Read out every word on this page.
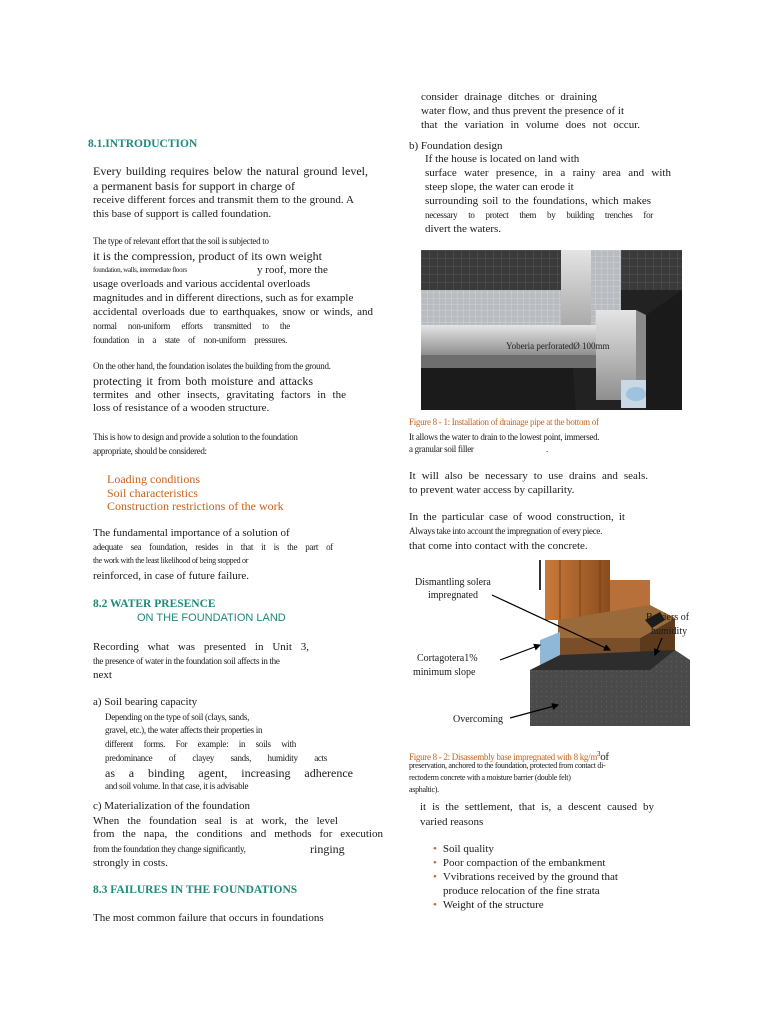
8.1.INTRODUCTION
Every building requires below the natural ground level,
a permanent basis for support in charge of
receive different forces and transmit them to the ground. A
this base of support is called foundation.
The type of relevant effort that the soil is subjected to
it is the compression, product of its own weight
foundation, walls, intermediate floors	y roof, more the
usage overloads and various accidental overloads
magnitudes and in different directions, such as for example
accidental overloads due to earthquakes, snow or winds, and
normal non-uniform efforts transmitted to the
foundation in a state of non-uniform pressures.
On the other hand, the foundation isolates the building from the ground.
protecting it from both moisture and attacks
termites and other insects, gravitating factors in the
loss of resistance of a wooden structure.
This is how to design and provide a solution to the foundation
appropriate, should be considered:
Loading conditions
Soil characteristics
Construction restrictions of the work
The fundamental importance of a solution of
adequate sea foundation, resides in that it is the part of
the work with the least likelihood of being stopped or
reinforced, in case of future failure.
8.2 WATER PRESENCE
ON THE FOUNDATION LAND
Recording what was presented in Unit 3,
the presence of water in the foundation soil affects in the
next
a) Soil bearing capacity
Depending on the type of soil (clays, sands,
gravel, etc.), the water affects their properties in
different forms. For example: in soils with
predominance of clayey sands, humidity acts
as a binding agent, increasing adherence
and soil volume. In that case, it is advisable
c) Materialization of the foundation
When the foundation seal is at work, the level
from the napa, the conditions and methods for execution
from the foundation they change significantly,	ringing
strongly in costs.
8.3 FAILURES IN THE FOUNDATIONS
The most common failure that occurs in foundations
consider drainage ditches or draining
water flow, and thus prevent the presence of it
that the variation in volume does not occur.
b) Foundation design
If the house is located on land with
surface water presence, in a rainy area and with
steep slope, the water can erode it
surrounding soil to the foundations, which makes
necessary to protect them by building trenches for
divert the waters.
Yoberia perforatedØ 100mm
Figure 8 - 1: Installation of drainage pipe at the bottom of
It allows the water to drain to the lowest point, immersed.
a granular soil filler	.
It will also be necessary to use drains and seals.
to prevent water access by capillarity.
In the particular case of wood construction, it
Always take into account the impregnation of every piece.
that come into contact with the concrete.
Dismantling solera
impregnated
Barriers of
humidity
Cortagotera1%
minimum slope
Overcoming
Figure 8 - 2: Disassembly base impregnated with 8 $kg/m^3of$
preservation, anchored to the foundation, protected from contact di-
rectoderm concrete with a moisture barrier (double felt)
asphaltic).
it is the settlement, that is, a descent caused by
varied reasons
• Soil quality
• Poor compaction of the embankment
• Vvibrations received by the ground that
produce relocation of the fine strata
• Weight of the structure
